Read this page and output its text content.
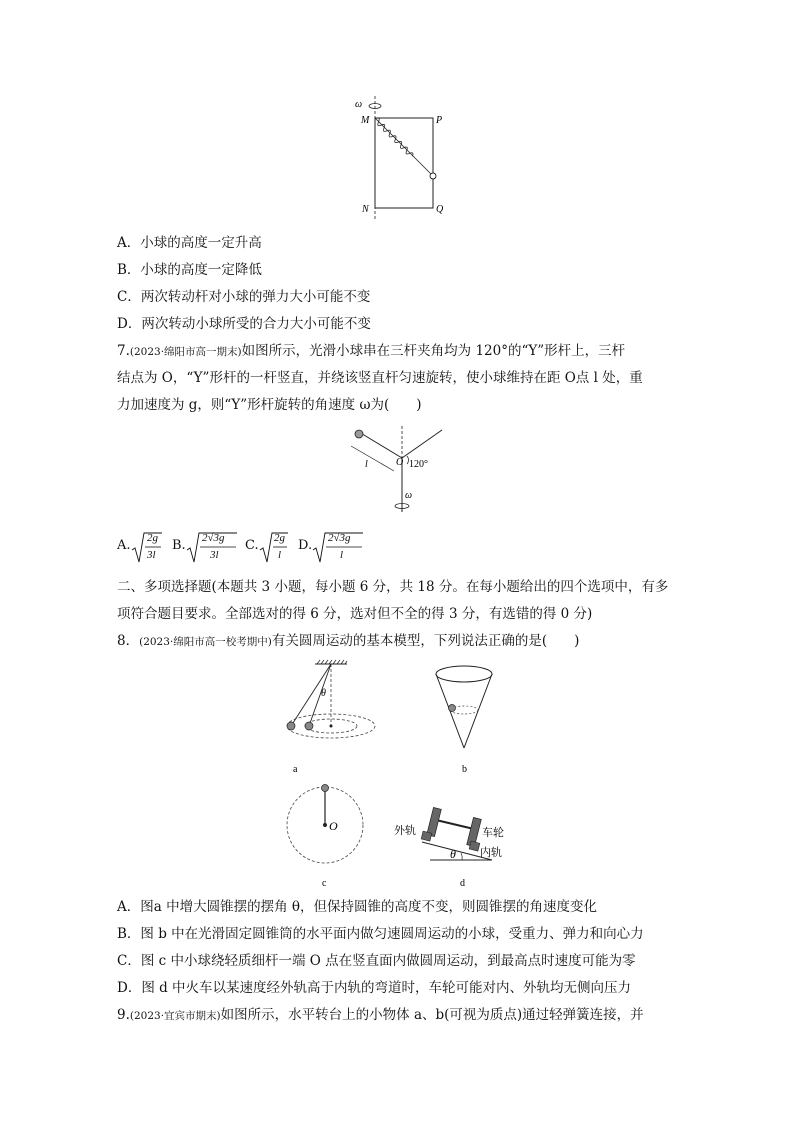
ω
M	P
N	Q
A．小球的高度一定升高
B．小球的高度一定降低
C．两次转动杆对小球的弹力大小可能不变
D．两次转动小球所受的合力大小可能不变
7.(2023·绵阳市高一期末)如图所示，光滑小球串在三杆夹角均为 120°的“Y”形杆上，三杆
结点为 O，“Y”形杆的一杆竖直，并绕该竖直杆匀速旋转，使小球维持在距 O点 l 处，重
力加速度为 g，则“Y”形杆旋转的角速度 ω为(　　)
l	O 120°
ω
A. 2g
3l
B. 2√3g
3l
C. 2g
l
D. 2√3g
l
二、多项选择题(本题共 3 小题，每小题 6 分，共 18 分。在每小题给出的四个选项中，有多
项符合题目要求。全部选对的得 6 分，选对但不全的得 3 分，有选错的得 0 分)
8．(2023·绵阳市高一校考期中)有关圆周运动的基本模型，下列说法正确的是(　　)
θ
a	b
O
c
θ
外轨	车轮
内轨
d
A．图a 中增大圆锥摆的摆角 θ，但保持圆锥的高度不变，则圆锥摆的角速度变化
B．图 b 中在光滑固定圆锥筒的水平面内做匀速圆周运动的小球，受重力、弹力和向心力
C．图 c 中小球绕轻质细杆一端 O 点在竖直面内做圆周运动，到最高点时速度可能为零
D．图 d 中火车以某速度经外轨高于内轨的弯道时，车轮可能对内、外轨均无侧向压力
9.(2023·宜宾市期末)如图所示，水平转台上的小物体 a、b(可视为质点)通过轻弹簧连接，并
